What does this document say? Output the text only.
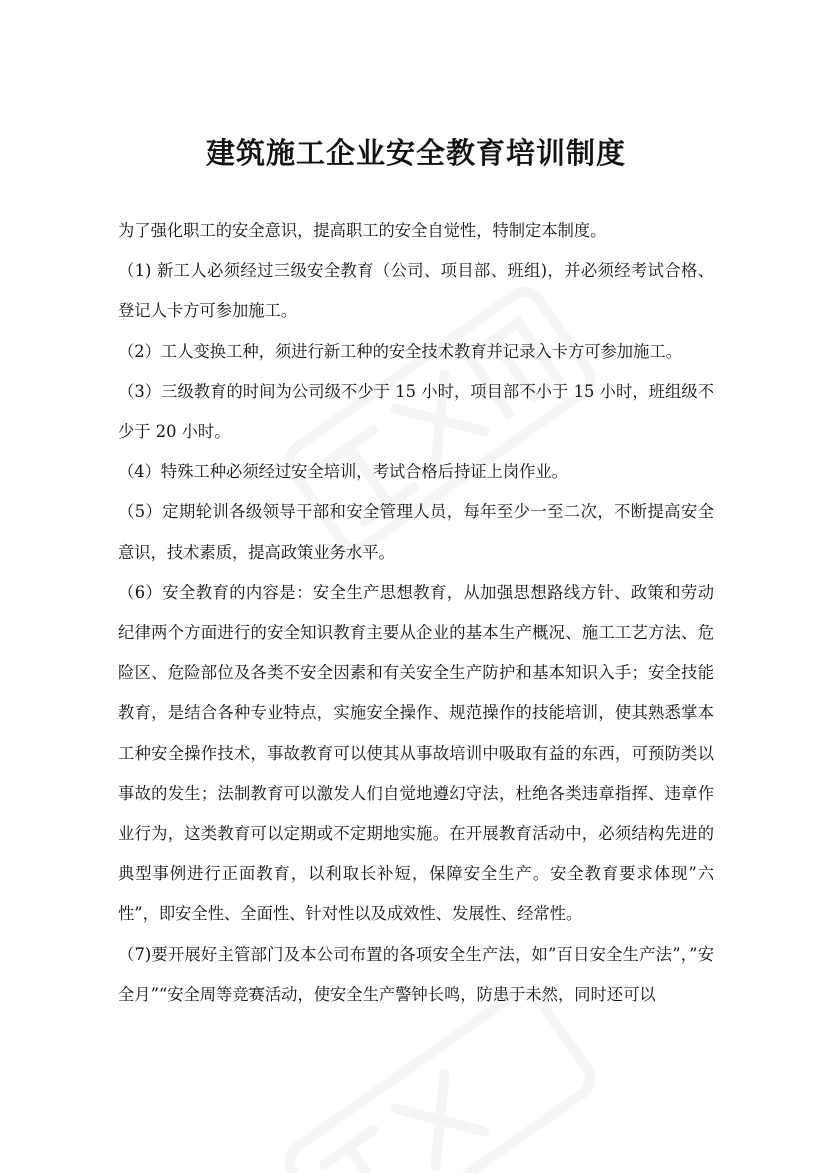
建筑施工企业安全教育培训制度

为了强化职工的安全意识，提高职工的安全自觉性，特制定本制度。

（1) 新工人必须经过三级安全教育（公司、项目部、班组)，并必须经考试合格、登记人卡方可参加施工。

（2）工人变换工种，须进行新工种的安全技术教育并记录入卡方可参加施工。

（3）三级教育的时间为公司级不少于 15 小时，项目部不小于 15 小时，班组级不少于 20 小时。

（4）特殊工种必须经过安全培训，考试合格后持证上岗作业。

（5）定期轮训各级领导干部和安全管理人员，每年至少一至二次，不断提高安全意识，技术素质，提高政策业务水平。

（6）安全教育的内容是：安全生产思想教育，从加强思想路线方针、政策和劳动纪律两个方面进行的安全知识教育主要从企业的基本生产概况、施工工艺方法、危险区、危险部位及各类不安全因素和有关安全生产防护和基本知识入手；安全技能教育，是结合各种专业特点，实施安全操作、规范操作的技能培训，使其熟悉掌本工种安全操作技术，事故教育可以使其从事故培训中吸取有益的东西，可预防类以事故的发生；法制教育可以激发人们自觉地遵幻守法，杜绝各类违章指挥、违章作业行为，这类教育可以定期或不定期地实施。在开展教育活动中，必须结构先进的典型事例进行正面教育，以利取长补短，保障安全生产。安全教育要求体现”六性”，即安全性、全面性、针对性以及成效性、发展性、经常性。

（7)要开展好主管部门及本公司布置的各项安全生产法，如”百日安全生产法”，”安全月”“安全周等竞赛活动，使安全生产警钟长鸣，防患于未然，同时还可以
